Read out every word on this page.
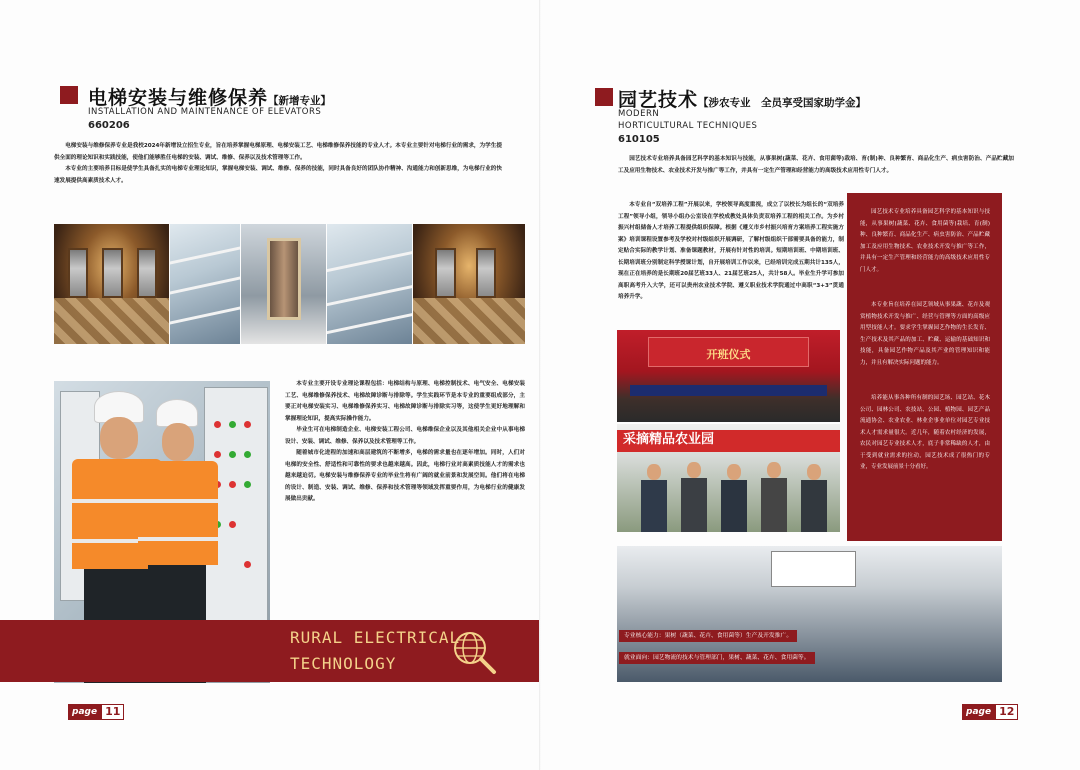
电梯安装与维修保养【新增专业】
INSTALLATION AND MAINTENANCE OF ELEVATORS
660206

电梯安装与维修保养专业是我校2024年新增设立招生专业，旨在培养掌握电梯原理、电梯安装工艺、电梯维修保养技能的专业人才。本专业主要针对电梯行业的需求，为学生提供全面的理论知识和实践技能，使他们能够胜任电梯的安装、调试、维修、保养以及技术管理等工作。

本专业的主要培养目标是使学生具备扎实的电梯专业理论知识，掌握电梯安装、调试、维修、保养的技能，同时具备良好的团队协作精神、沟通能力和创新思维，为电梯行业的快速发展提供高素质技术人才。

本专业主要开设专业理论课程包括：电梯结构与原理、电梯控制技术、电气安全、电梯安装工艺、电梯维修保养技术、电梯故障诊断与排除等。学生实践环节是本专业的重要组成部分，主要正对电梯安装实习、电梯维修保养实习、电梯故障诊断与排除实习等，这使学生更好地理解和掌握理论知识，提高实际操作能力。

毕业生可在电梯制造企业、电梯安装工程公司、电梯维保企业以及其他相关企业中从事电梯设计、安装、调试、维修、保养以及技术管理等工作。

随着城市化进程的加速和高层建筑的不断增多，电梯的需求量也在逐年增加。同时，人们对电梯的安全性、舒适性和可靠性的要求也越来越高。因此，电梯行业对高素质技能人才的需求也越来越迫切。电梯安装与维修保养专业的毕业生将有广阔的就业前景和发展空间。他们将在电梯的设计、制造、安装、调试、维修、保养和技术管理等领域发挥重要作用，为电梯行业的健康发展做出贡献。

RURAL ELECTRICAL
TECHNOLOGY
page 11
园艺技术【涉农专业　全员享受国家助学金】
MODERN
HORTICULTURAL TECHNIQUES
610105

园艺技术专业培养具备园艺科学的基本知识与技能，从事果树(蔬菜、花卉、食用菌等)栽培、育(制)种、良种繁育、商品化生产、病虫害防治、产品贮藏加工及应用生物技术、农业技术开发与推广等工作，并具有一定生产管理和经营能力的高级技术应用性专门人才。

本专业自“双培养工程”开展以来，学校领导高度重视，成立了以校长为组长的“双培养工程”领导小组，领导小组办公室设在学校成教处具体负责双培养工程的相关工作。为乡村振兴村组储备人才培养工程提供组织保障。根据《遵义市乡村振兴培育方案培养工程实施方案》培训课程设置参考及学校对村级组织开展调研，了解村级组织干部需要具备的能力，制定贴合实际的教学计划、准备课题教材，开展有针对性的培训。短期培训班、中期培训班、长期培训班分别制定科学授课计划，自开展培训工作以来，已经培训完成五期共计135人，现在正在培养的是长期班20届艺班33人、21届艺班25人，共计58人。毕业生升学可参加高职高考升入大学，还可以贵州农业技术学院、遵义职业技术学院通过中高职“3+3”贯通培养升学。

园艺技术专业培养具备园艺科学的基本知识与技能，从事果树(蔬菜、花卉、食用菌等)栽培、育(制)种、良种繁育、商品化生产、病虫害防治、产品贮藏加工及应用生物技术、农业技术开发与推广等工作，并具有一定生产管理和经营能力的高级技术应用性专门人才。

本专业旨在培养在园艺领域从事果蔬、花卉及观赏植物技术开发与推广、经营与管理等方面的高级应用型技能人才。要求学生掌握园艺作物的生长发育、生产技术及其产品的加工、贮藏、运输的基础知识和技能，具备园艺作物产品及其产业的管理知识和能力，并且有解决实际问题的能力。

培养能从事各种所有制的园艺场、园艺站、花木公司、园林公司、农技站、公园、植物园、园艺产品流通协会、农业农业、林业企事业单位对园艺专业技术人才需求量很大。近几年，随着农村经济的发展，农民对园艺专业技术人才，底子非常稀缺的人才，由于受到就业需求的拉动，园艺技术成了很热门的专业，专业发展前景十分看好。

开班仪式
采摘精品农业园
专业核心能力：果树（蔬菜、花卉、食用菌等）生产及开发推广。
就业面向：园艺物流的技术与管理部门，果树、蔬菜、花卉、食用菌等。
page 12
